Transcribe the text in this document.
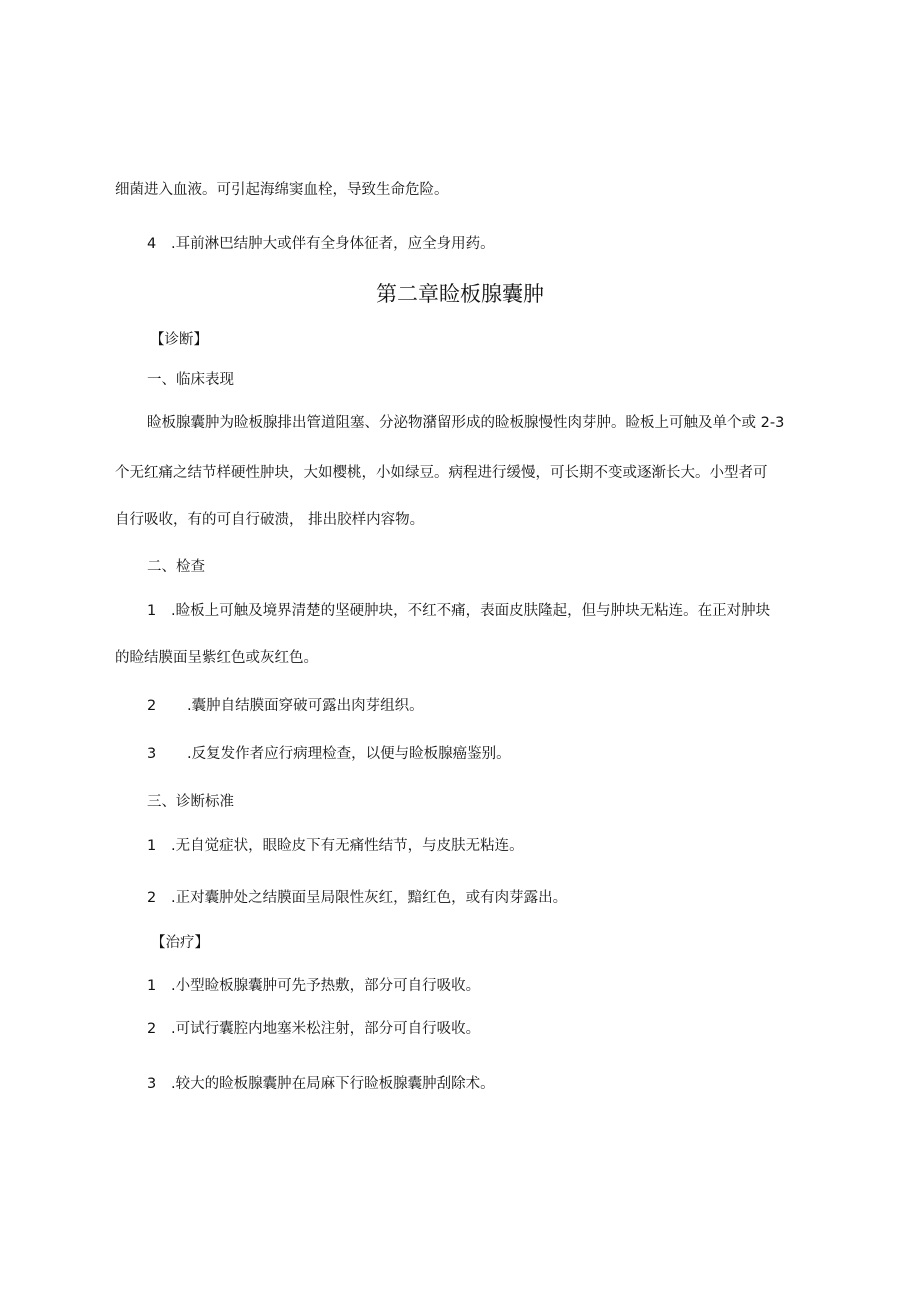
细菌进入血液。可引起海绵窦血栓，导致生命危险。
4 .耳前淋巴结肿大或伴有全身体征者，应全身用药。
第二章睑板腺囊肿
【诊断】
一、临床表现
睑板腺囊肿为睑板腺排出管道阻塞、分泌物潴留形成的睑板腺慢性肉芽肿。睑板上可触及单个或 2-3
个无红痛之结节样硬性肿块，大如樱桃，小如绿豆。病程进行缓慢，可长期不变或逐渐长大。小型者可
自行吸收，有的可自行破溃， 排出胶样内容物。
二、检查
1 .睑板上可触及境界清楚的坚硬肿块，不红不痛，表面皮肤隆起，但与肿块无粘连。在正对肿块
的睑结膜面呈紫红色或灰红色。
2 .囊肿自结膜面穿破可露出肉芽组织。
3 .反复发作者应行病理检查，以便与睑板腺癌鉴别。
三、诊断标准
1 .无自觉症状，眼睑皮下有无痛性结节，与皮肤无粘连。
2 .正对囊肿处之结膜面呈局限性灰红，黯红色，或有肉芽露出。
【治疗】
1 .小型睑板腺囊肿可先予热敷，部分可自行吸收。
2 .可试行囊腔内地塞米松注射，部分可自行吸收。
3 .较大的睑板腺囊肿在局麻下行睑板腺囊肿刮除术。
